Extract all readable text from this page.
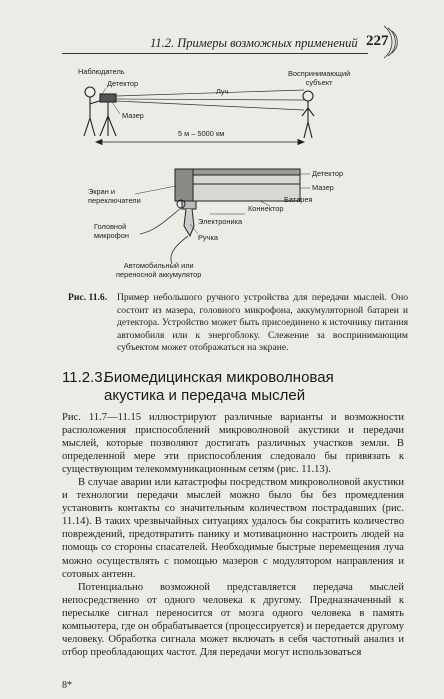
11.2. Примеры возможных применений 227
Наблюдатель
Детектор
Мазер
Луч
Воспринимающий
субъект
5 м – 5000 км
Детектор
Мазер
Экран и
переключатели
Коннектор
Батарея
Головной
микрофон
Электроника
Ручка
Автомобильный или
переносной аккумулятор
Рис. 11.6.	Пример небольшого ручного устройства для передачи мыслей. Оно состоит из мазера, головного микрофона, аккумуляторной батареи и детектора. Устройство может быть присоединено к источнику питания автомобиля или к энергоблоку. Слежение за воспринимающим субъектом может отображаться на экране.
11.2.3.
Биомедицинская микроволновая акустика и передача мыслей

Рис. 11.7—11.15 иллюстрируют различные варианты и возможности расположения приспособлений микроволновой акустики и передачи мыслей, которые позволяют достигать различных участков земли. В определенной мере эти приспособления следовало бы привязать к существующим телекоммуникационным сетям (рис. 11.13).

В случае аварии или катастрофы посредством микроволновой акустики и технологии передачи мыслей можно было бы без промедления установить контакты со значительным количеством пострадавших (рис. 11.14). В таких чрезвычайных ситуациях удалось бы сократить количество повреждений, предотвратить панику и мотивационно настроить людей на помощь со стороны спасателей. Необходимые быстрые перемещения луча можно осуществлять с помощью мазеров с модулятором направления и сотовых антенн.

Потенциально возможной представляется передача мыслей непосредственно от одного человека к другому. Предназначенный к пересылке сигнал переносится от мозга одного человека в память компьютера, где он обрабатывается (процессируется) и передается другому человеку. Обработка сигнала может включать в себя частотный анализ и отбор преобладающих частот. Для передачи могут использоваться

8*
